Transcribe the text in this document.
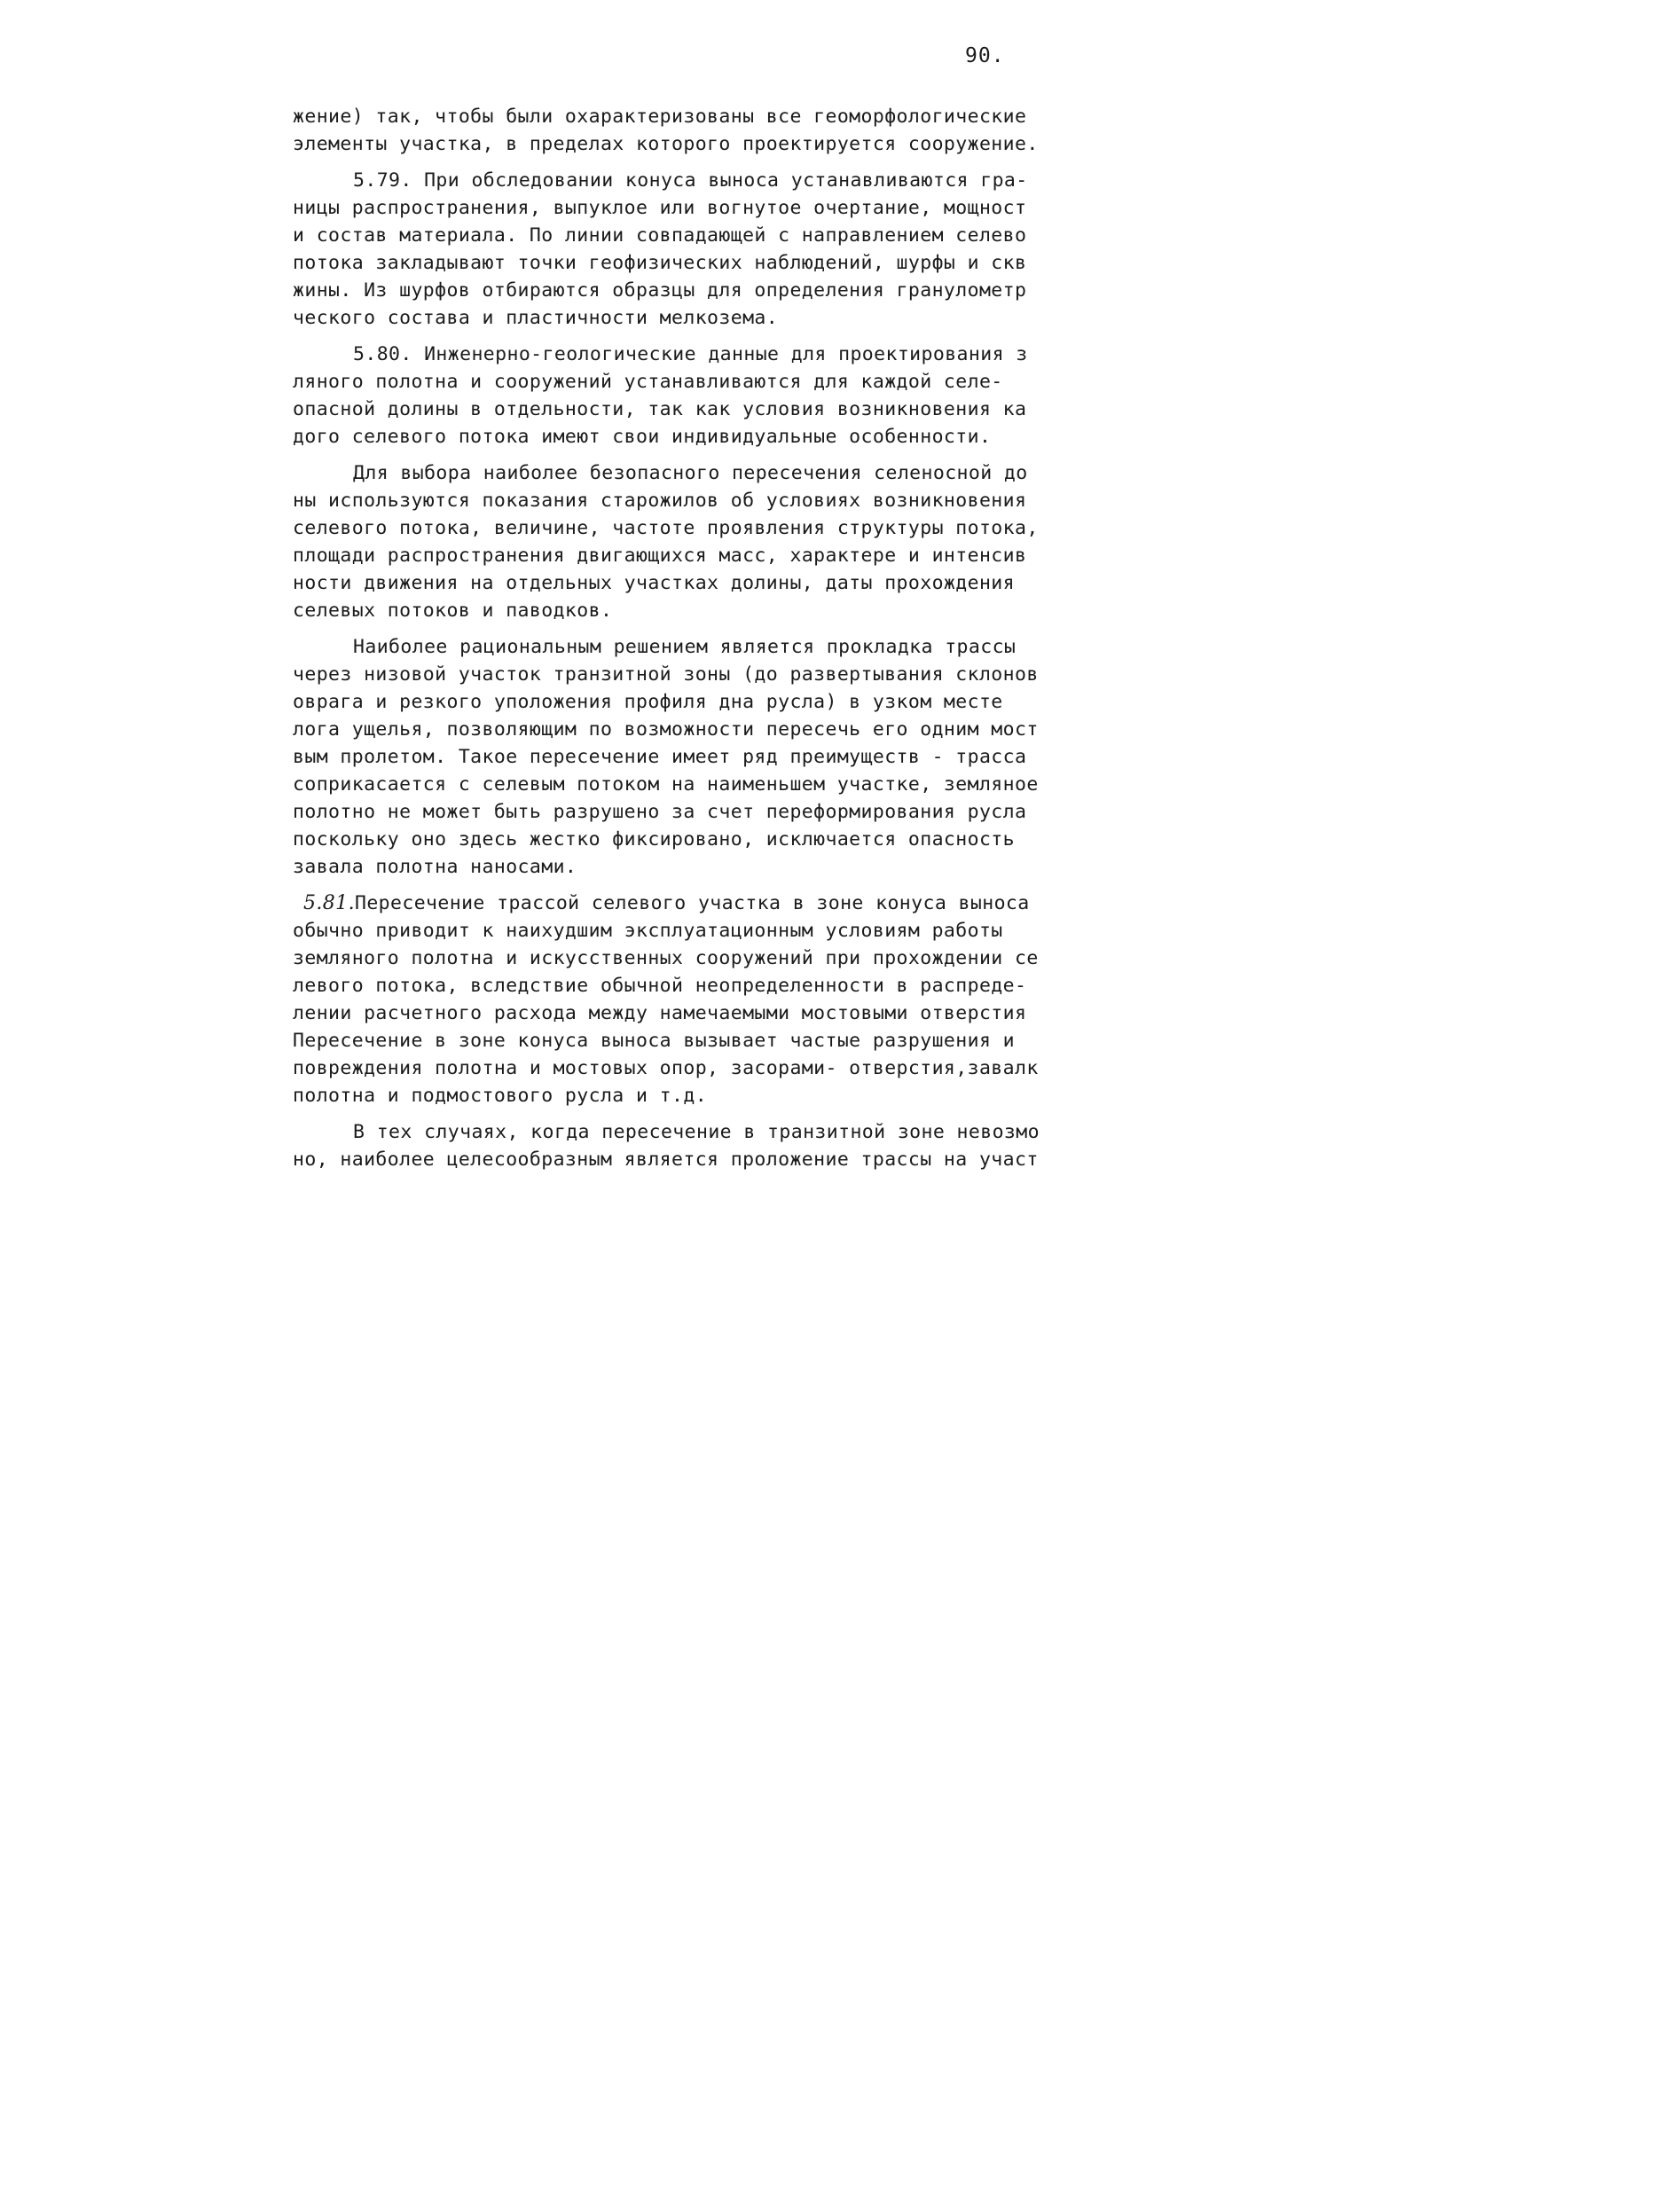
90.
жение) так, чтобы были охарактеризованы все геоморфологические
элементы участка, в пределах которого проектируется сооружение.
5.79. При обследовании конуса выноса устанавливаются гра-
ницы распространения, выпуклое или вогнутое очертание, мощност
и состав материала. По линии совпадающей с направлением селево
потока закладывают точки геофизических наблюдений, шурфы и скв
жины. Из шурфов отбираются образцы для определения гранулометр
ческого состава и пластичности мелкозема.
5.80. Инженерно-геологические данные для проектирования з
ляного полотна и сооружений устанавливаются для каждой селе-
опасной долины в отдельности, так как условия возникновения ка
дого селевого потока имеют свои индивидуальные особенности.
Для выбора наиболее безопасного пересечения селеносной до
ны используются показания старожилов об условиях возникновения
селевого потока, величине, частоте проявления структуры потока,
площади распространения двигающихся масс, характере и интенсив
ности движения на отдельных участках долины, даты прохождения
селевых потоков и паводков.
Наиболее рациональным решением является прокладка трассы
через низовой участок транзитной зоны (до развертывания склонов
оврага и резкого уположения профиля дна русла) в узком месте
лога ущелья, позволяющим по возможности пересечь его одним мост
вым пролетом. Такое пересечение имеет ряд преимуществ - трасса
соприкасается с селевым потоком на наименьшем участке, земляное
полотно не может быть разрушено за счет переформирования русла
поскольку оно здесь жестко фиксировано, исключается опасность
завала полотна наносами.
5.81.Пересечение трассой селевого участка в зоне конуса выноса
обычно приводит к наихудшим эксплуатационным условиям работы
земляного полотна и искусственных сооружений при прохождении се
левого потока, вследствие обычной неопределенности в распреде-
лении расчетного расхода между намечаемыми мостовыми отверстия
Пересечение в зоне конуса выноса вызывает частые разрушения и
повреждения полотна и мостовых опор, засорами- отверстия,завалк
полотна и подмостового русла и т.д.
В тех случаях, когда пересечение в транзитной зоне невозмо
но, наиболее целесообразным является проложение трассы на участ
